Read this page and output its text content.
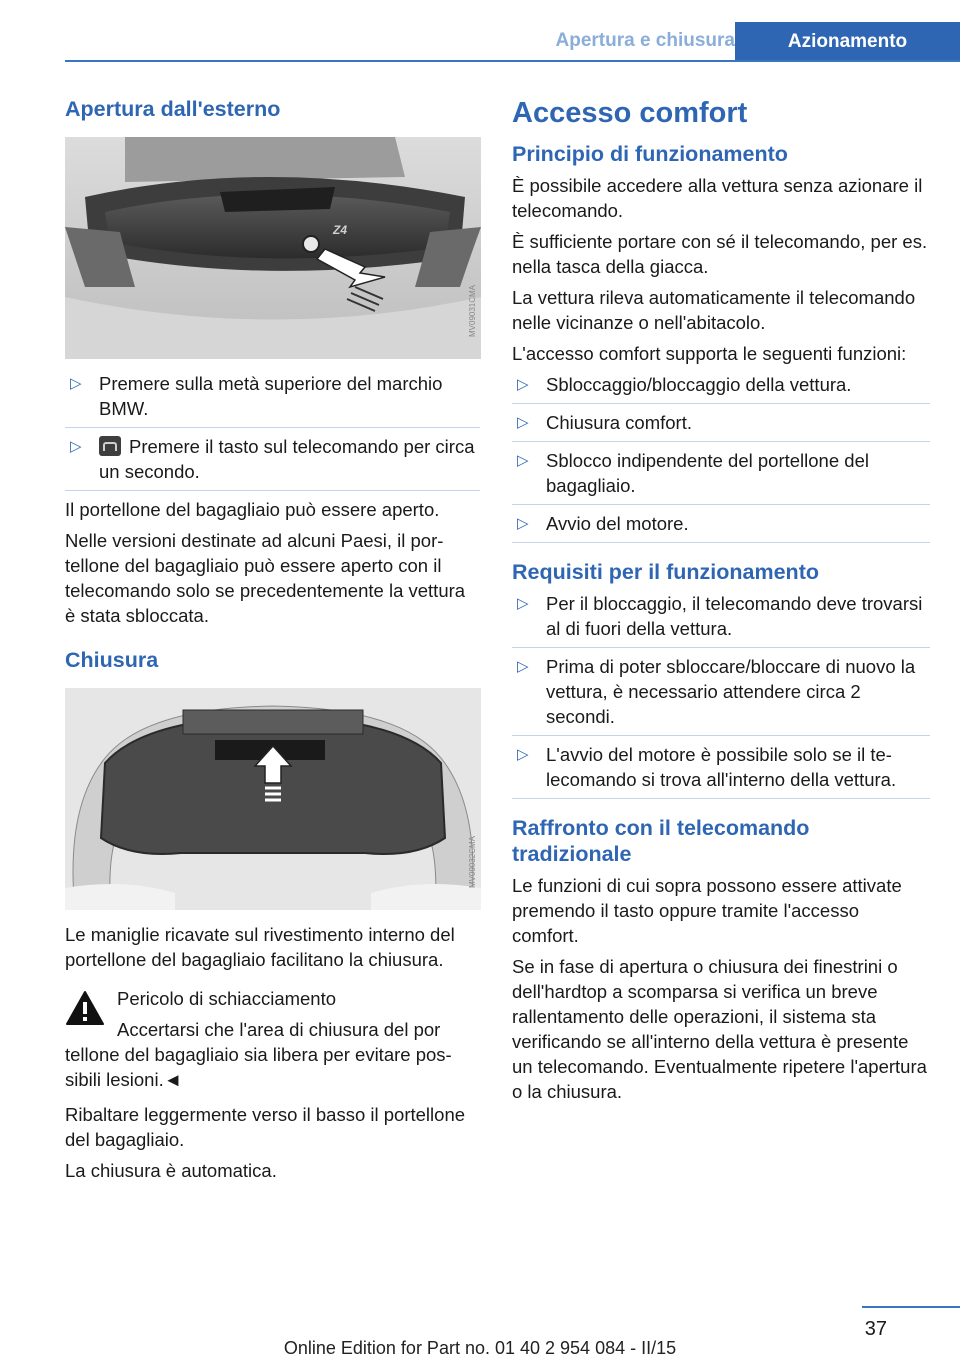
Apertura e chiusura	Azionamento
Apertura dall'esterno
Z4
MV09031CMA
▷ Premere sulla metà superiore del marchio BMW.
▷	Premere il tasto sul telecomando per circa un secondo.

Il portellone del bagagliaio può essere aperto.

Nelle versioni destinate ad alcuni Paesi, il portellone del bagagliaio può essere aperto con il telecomando solo se precedentemente la vettura è stata sbloccata.

Chiusura
MV09032CMA

Le maniglie ricavate sul rivestimento interno del portellone del bagagliaio facilitano la chiusura.

Pericolo di schiacciamento

Accertarsi che l'area di chiusura del por

tellone del bagagliaio sia libera per evitare possibili lesioni.◄

Ribaltare leggermente verso il basso il portellone del bagagliaio.

La chiusura è automatica.

Accesso comfort
Principio di funzionamento

È possibile accedere alla vettura senza azionare il telecomando.

È sufficiente portare con sé il telecomando, per es. nella tasca della giacca.

La vettura rileva automaticamente il telecomando nelle vicinanze o nell'abitacolo.

L'accesso comfort supporta le seguenti funzioni:

▷ Sbloccaggio/bloccaggio della vettura.
▷ Chiusura comfort.
▷ Sblocco indipendente del portellone del bagagliaio.
▷ Avvio del motore.
Requisiti per il funzionamento
▷ Per il bloccaggio, il telecomando deve trovarsi al di fuori della vettura.
▷ Prima di poter sbloccare/bloccare di nuovo la vettura, è necessario attendere circa 2 secondi.
▷ L'avvio del motore è possibile solo se il telecomando si trova all'interno della vettura.
Raffronto con il telecomando tradizionale

Le funzioni di cui sopra possono essere attivate premendo il tasto oppure tramite l'accesso comfort.

Se in fase di apertura o chiusura dei finestrini o dell'hardtop a scomparsa si verifica un breve rallentamento delle operazioni, il sistema sta verificando se all'interno della vettura è presente un telecomando. Eventualmente ripetere l'apertura o la chiusura.

37
Online Edition for Part no. 01 40 2 954 084 - II/15
